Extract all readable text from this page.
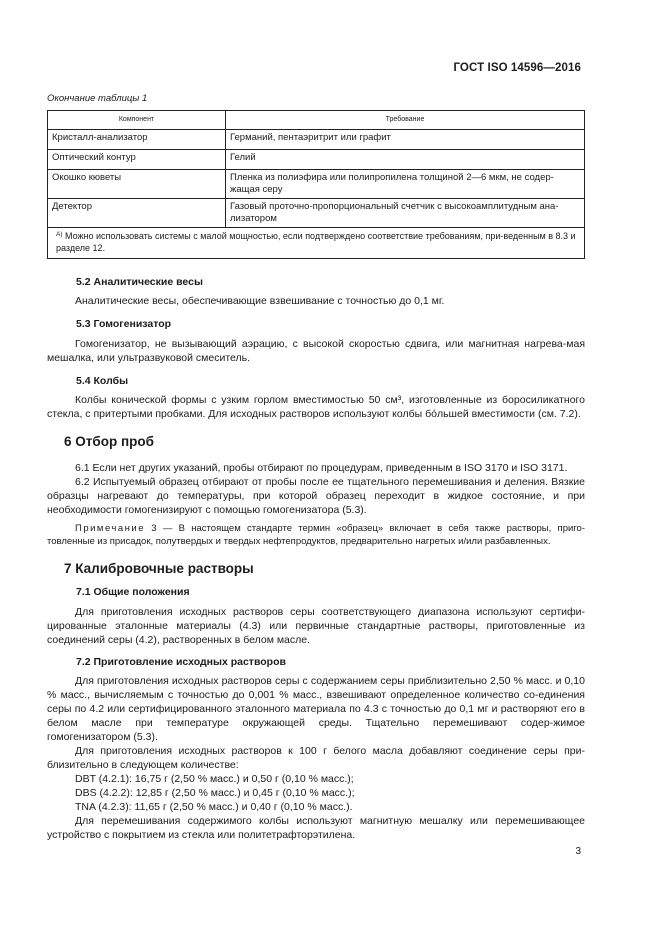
ГОСТ ISO 14596—2016
Окончание таблицы 1
Компонент	Требование
Кристалл-анализатор	Германий, пентаэритрит или графит
Оптический контур	Гелий
Окошко кюветы	Пленка из полиэфира или полипропилена толщиной 2—6 мкм, не содер-жащая серу
Детектор	Газовый проточно-пропорциональный счетчик с высокоамплитудным ана-лизатором
$^{А)}$ Можно использовать системы с малой мощностью, если подтверждено соответствие требованиям, при-веденным в 8.3 и разделе 12.	
5.2 Аналитические весы

Аналитические весы, обеспечивающие взвешивание с точностью до 0,1 мг.

5.3 Гомогенизатор

Гомогенизатор, не вызывающий аэрацию, с высокой скоростью сдвига, или магнитная нагрева-мая мешалка, или ультразвуковой смеситель.

5.4 Колбы

Колбы конической формы с узким горлом вместимостью 50 см³, изготовленные из боросиликатного стекла, с притертыми пробками. Для исходных растворов используют колбы бóльшей вместимости (см. 7.2).

6 Отбор проб

6.1 Если нет других указаний, пробы отбирают по процедурам, приведенным в ISO 3170 и ISO 3171.

6.2 Испытуемый образец отбирают от пробы после ее тщательного перемешивания и деления. Вязкие образцы нагревают до температуры, при которой образец переходит в жидкое состояние, и при необходимости гомогенизируют с помощью гомогенизатора (5.3).

Примечание 3 — В настоящем стандарте термин «образец» включает в себя также растворы, приго-товленные из присадок, полутвердых и твердых нефтепродуктов, предварительно нагретых и/или разбавленных.

7 Калибровочные растворы
7.1 Общие положения

Для приготовления исходных растворов серы соответствующего диапазона используют сертифи-цированные эталонные материалы (4.3) или первичные стандартные растворы, приготовленные из соединений серы (4.2), растворенных в белом масле.

7.2 Приготовление исходных растворов

Для приготовления исходных растворов серы с содержанием серы приблизительно 2,50 % масс. и 0,10 % масс., вычисляемым с точностью до 0,001 % масс., взвешивают определенное количество со-единения серы по 4.2 или сертифицированного эталонного материала по 4.3 с точностью до 0,1 мг и растворяют его в белом масле при температуре окружающей среды. Тщательно перемешивают содер-жимое гомогенизатором (5.3).

Для приготовления исходных растворов к 100 г белого масла добавляют соединение серы при-близительно в следующем количестве:

DBT (4.2.1): 16,75 г (2,50 % масс.) и 0,50 г (0,10 % масс.);
DBS (4.2.2): 12,85 г (2,50 % масс.) и 0,45 г (0,10 % масс.);
TNA (4.2.3): 11,65 г (2,50 % масс.) и 0,40 г (0,10 % масс.).

Для перемешивания содержимого колбы используют магнитную мешалку или перемешивающее устройство с покрытием из стекла или политетрафторэтилена.

3
